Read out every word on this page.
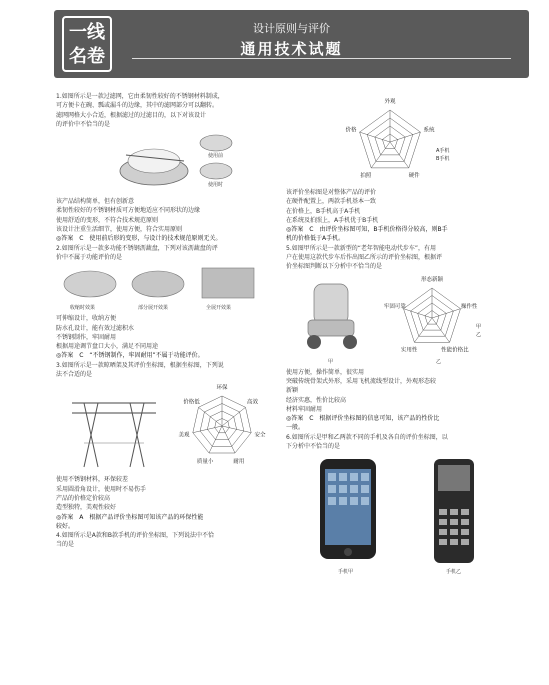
一线
名卷
设计原则与评价
通用技术试题
1.如图所示是一款过滤网，它由柔韧性较好的不锈钢材料制成，
可方便卡在碗、瓢或漏斗的边缘，其中的滤网部分可以翻转。
滤网网格大小合适，根据滤过的过滤目的，以下对该设计
的评价中不恰当的是
使用前
使用时
该产品结构简单，但有创新意
柔韧性较好的不锈钢材质可方便地适应不同形状的边缘
使用舒适的变形，不符合技术规范原则
该设计注重生活细节，使用方便，符合实用原则
◎答案　C　使用前后形的变形，与设计的技术规范原则无关。
2.如图所示是一款多功能不锈钢沥蔬盘，下列对该沥蔬盘的评
价中不属于功能评价的是
收缩时效果	部分展开效果	全展开效果
可伸缩设计，收纳方便
防水孔设计，能有效过滤积水
不锈钢制作，牢固耐用
根据用途调节盘口大小，满足不同用途
◎答案　C　“不锈钢制作，牢固耐用”不属于功能评价。
3.如图所示是一款晾晒架及其评价坐标图，根据坐标图，下列说
法不合适的是
环保
高效
安全
耐用
质量小
美观
价格低
使用不锈钢材料，环保较差
采用圆滑角设计，使用时不易伤手
产品的价格定价较高
造型独特，美观性较好
◎答案　A　根据产品评价坐标图可知该产品的环保性能
较好。
4.如图所示是A款和B款手机的评价坐标图，下列说法中不恰
当的是
外观
系统
硬件
拍照
价格
A手机
B手机
该评价坐标图是对整体产品的评价
在硬件配置上，两款手机基本一致
在价格上，B手机高于A手机
在系统及拍照上，A手机优于B手机
◎答案　C　由评价坐标图可知，B手机价格得分较高，则B手
机的价格低于A手机。
5.如图甲所示是一款新型的“老年智能电动代步车”，有用
户在使用这款代步车后作出图乙所示的评价坐标图，根据评
价坐标图判断以下分析中不恰当的是
甲
形态新颖
操作性
性能价格比
实用性
牢固可靠
甲
乙
乙
使用方便，操作简单，很实用
突破传统骨架式外形，采用飞机流线型设计，外观形态较
新颖
经济实惠，性价比较高
材料牢固耐用
◎答案　C　根据评价坐标图的信息可知，该产品的性价比
一般。
6.如图所示是甲和乙两款不同的手机及各自的评价坐标图，以
下分析中不恰当的是
手机甲	手机乙
